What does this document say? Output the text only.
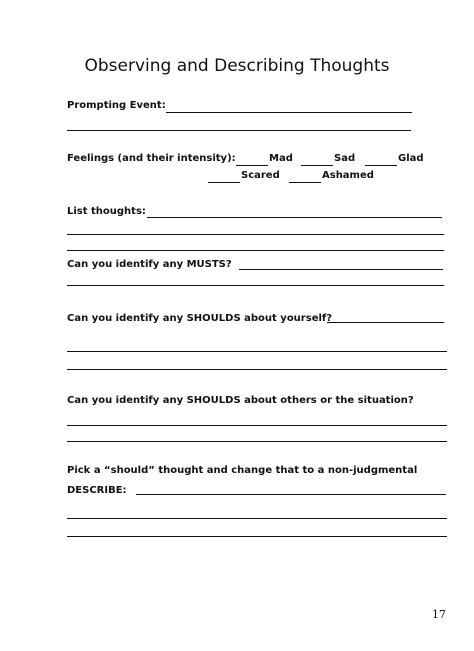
Observing and Describing Thoughts
Prompting Event:
Feelings (and their intensity):	Mad	Sad	Glad
Scared	Ashamed
List thoughts:
Can you identify any MUSTS?
Can you identify any SHOULDS about yourself?
Can you identify any SHOULDS about others or the situation?
Pick a “should” thought and change that to a non-judgmental
DESCRIBE:
17
